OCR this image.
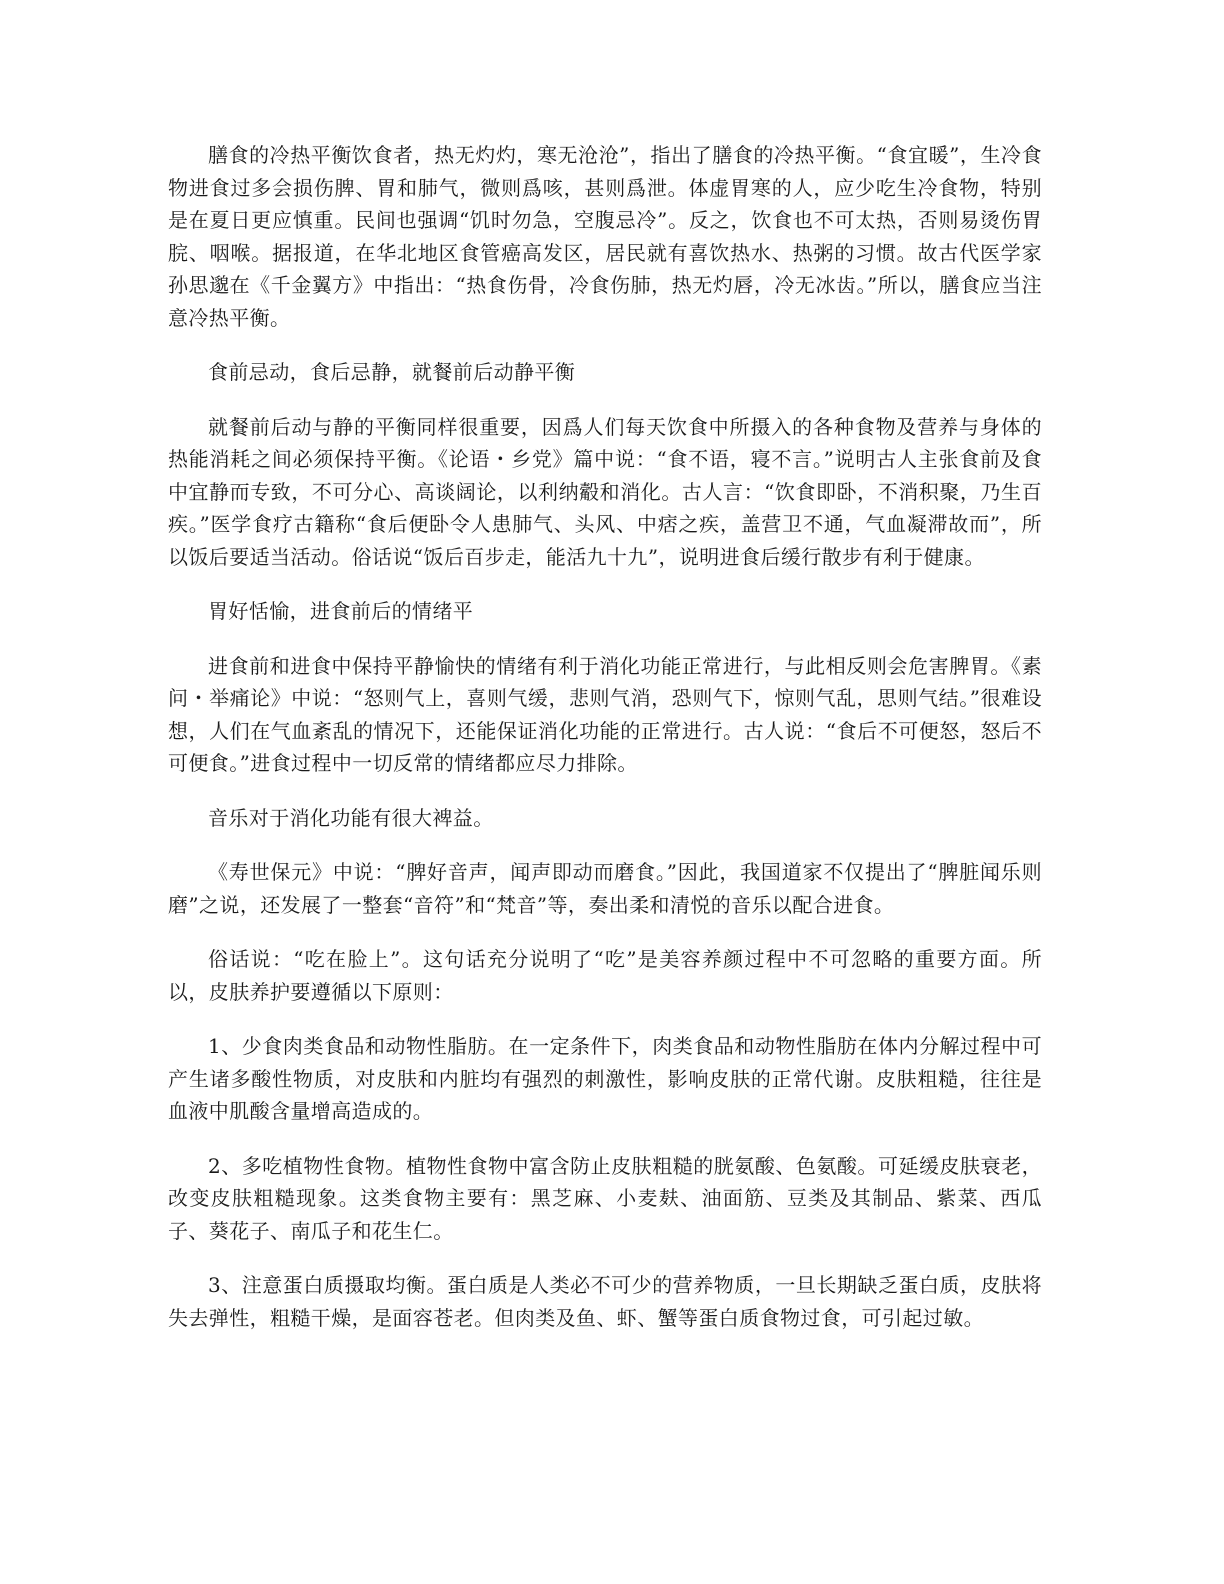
膳食的冷热平衡饮食者，热无灼灼，寒无沧沧”，指出了膳食的冷热平衡。“食宜暖”，生冷食物进食过多会损伤脾、胃和肺气，微则爲咳，甚则爲泄。体虚胃寒的人，应少吃生冷食物，特别是在夏日更应慎重。民间也强调“饥时勿急，空腹忌冷”。反之，饮食也不可太热，否则易烫伤胃脘、咽喉。据报道，在华北地区食管癌高发区，居民就有喜饮热水、热粥的习惯。故古代医学家孙思邈在《千金翼方》中指出：“热食伤骨，冷食伤肺，热无灼唇，冷无冰齿。”所以，膳食应当注意冷热平衡。

食前忌动，食后忌静，就餐前后动静平衡

就餐前后动与静的平衡同样很重要，因爲人们每天饮食中所摄入的各种食物及营养与身体的热能消耗之间必须保持平衡。《论语・乡党》篇中说：“食不语，寝不言。”说明古人主张食前及食中宜静而专致，不可分心、高谈阔论，以利纳觳和消化。古人言：“饮食即卧，不消积聚，乃生百疾。”医学食疗古籍称“食后便卧令人患肺气、头风、中痞之疾，盖营卫不通，气血凝滞故而”，所以饭后要适当活动。俗话说“饭后百步走，能活九十九”，说明进食后缓行散步有利于健康。

胃好恬愉，进食前后的情绪平

进食前和进食中保持平静愉快的情绪有利于消化功能正常进行，与此相反则会危害脾胃。《素问・举痛论》中说：“怒则气上，喜则气缓，悲则气消，恐则气下，惊则气乱，思则气结。”很难设想，人们在气血紊乱的情况下，还能保证消化功能的正常进行。古人说：“食后不可便怒，怒后不可便食。”进食过程中一切反常的情绪都应尽力排除。

音乐对于消化功能有很大裨益。

《寿世保元》中说：“脾好音声，闻声即动而磨食。”因此，我国道家不仅提出了“脾脏闻乐则磨”之说，还发展了一整套“音符”和“梵音”等，奏出柔和清悦的音乐以配合进食。

俗话说：“吃在脸上”。这句话充分说明了“吃”是美容养颜过程中不可忽略的重要方面。所以，皮肤养护要遵循以下原则：

1、少食肉类食品和动物性脂肪。在一定条件下，肉类食品和动物性脂肪在体内分解过程中可产生诸多酸性物质，对皮肤和内脏均有强烈的刺激性，影响皮肤的正常代谢。皮肤粗糙，往往是血液中肌酸含量增高造成的。

2、多吃植物性食物。植物性食物中富含防止皮肤粗糙的胱氨酸、色氨酸。可延缓皮肤衰老，改变皮肤粗糙现象。这类食物主要有：黑芝麻、小麦麸、油面筋、豆类及其制品、紫菜、西瓜子、葵花子、南瓜子和花生仁。

3、注意蛋白质摄取均衡。蛋白质是人类必不可少的营养物质，一旦长期缺乏蛋白质，皮肤将失去弹性，粗糙干燥，是面容苍老。但肉类及鱼、虾、蟹等蛋白质食物过食，可引起过敏。
